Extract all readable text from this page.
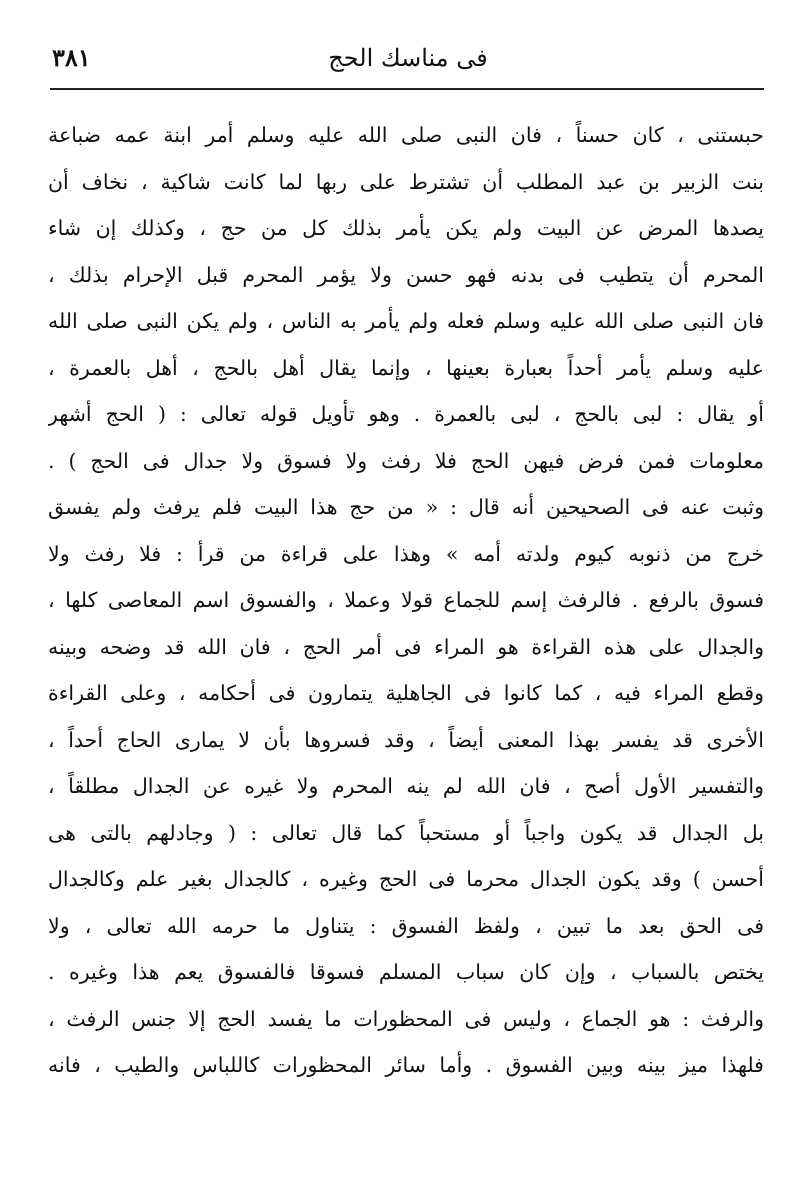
فى مناسك الحج
٣٨١
حبستنى ، كان حسناً ، فان النبى صلى الله عليه وسلم أمر ابنة عمه ضباعة
بنت الزبير بن عبد المطلب أن تشترط على ربها لما كانت شاكية ، نخاف أن
يصدها المرض عن البيت ولم يكن يأمر بذلك كل من حج ، وكذلك إن شاء
المحرم أن يتطيب فى بدنه فهو حسن ولا يؤمر المحرم قبل الإحرام بذلك ،
فان النبى صلى الله عليه وسلم فعله ولم يأمر به الناس ، ولم يكن النبى صلى الله
عليه وسلم يأمر أحداً بعبارة بعينها ، وإنما يقال أهل بالحج ، أهل بالعمرة ،
أو يقال : لبى بالحج ، لبى بالعمرة . وهو تأويل قوله تعالى : ( الحج أشهر
معلومات فمن فرض فيهن الحج فلا رفث ولا فسوق ولا جدال فى الحج ) .
وثبت عنه فى الصحيحين أنه قال : « من حج هذا البيت فلم يرفث ولم يفسق
خرج من ذنوبه كيوم ولدته أمه » وهذا على قراءة من قرأ : فلا رفث ولا
فسوق بالرفع . فالرفث إسم للجماع قولا وعملا ، والفسوق اسم المعاصى كلها ،
والجدال على هذه القراءة هو المراء فى أمر الحج ، فان الله قد وضحه وبينه
وقطع المراء فيه ، كما كانوا فى الجاهلية يتمارون فى أحكامه ، وعلى القراءة
الأخرى قد يفسر بهذا المعنى أيضاً ، وقد فسروها بأن لا يمارى الحاج أحداً ،
والتفسير الأول أصح ، فان الله لم ينه المحرم ولا غيره عن الجدال مطلقاً ،
بل الجدال قد يكون واجباً أو مستحباً كما قال تعالى : ( وجادلهم بالتى هى
أحسن ) وقد يكون الجدال محرما فى الحج وغيره ، كالجدال بغير علم وكالجدال
فى الحق بعد ما تبين ، ولفظ الفسوق : يتناول ما حرمه الله تعالى ، ولا
يختص بالسباب ، وإن كان سباب المسلم فسوقا فالفسوق يعم هذا وغيره .
والرفث : هو الجماع ، وليس فى المحظورات ما يفسد الحج إلا جنس الرفث ،
فلهذا ميز بينه وبين الفسوق . وأما سائر المحظورات كاللباس والطيب ، فانه
